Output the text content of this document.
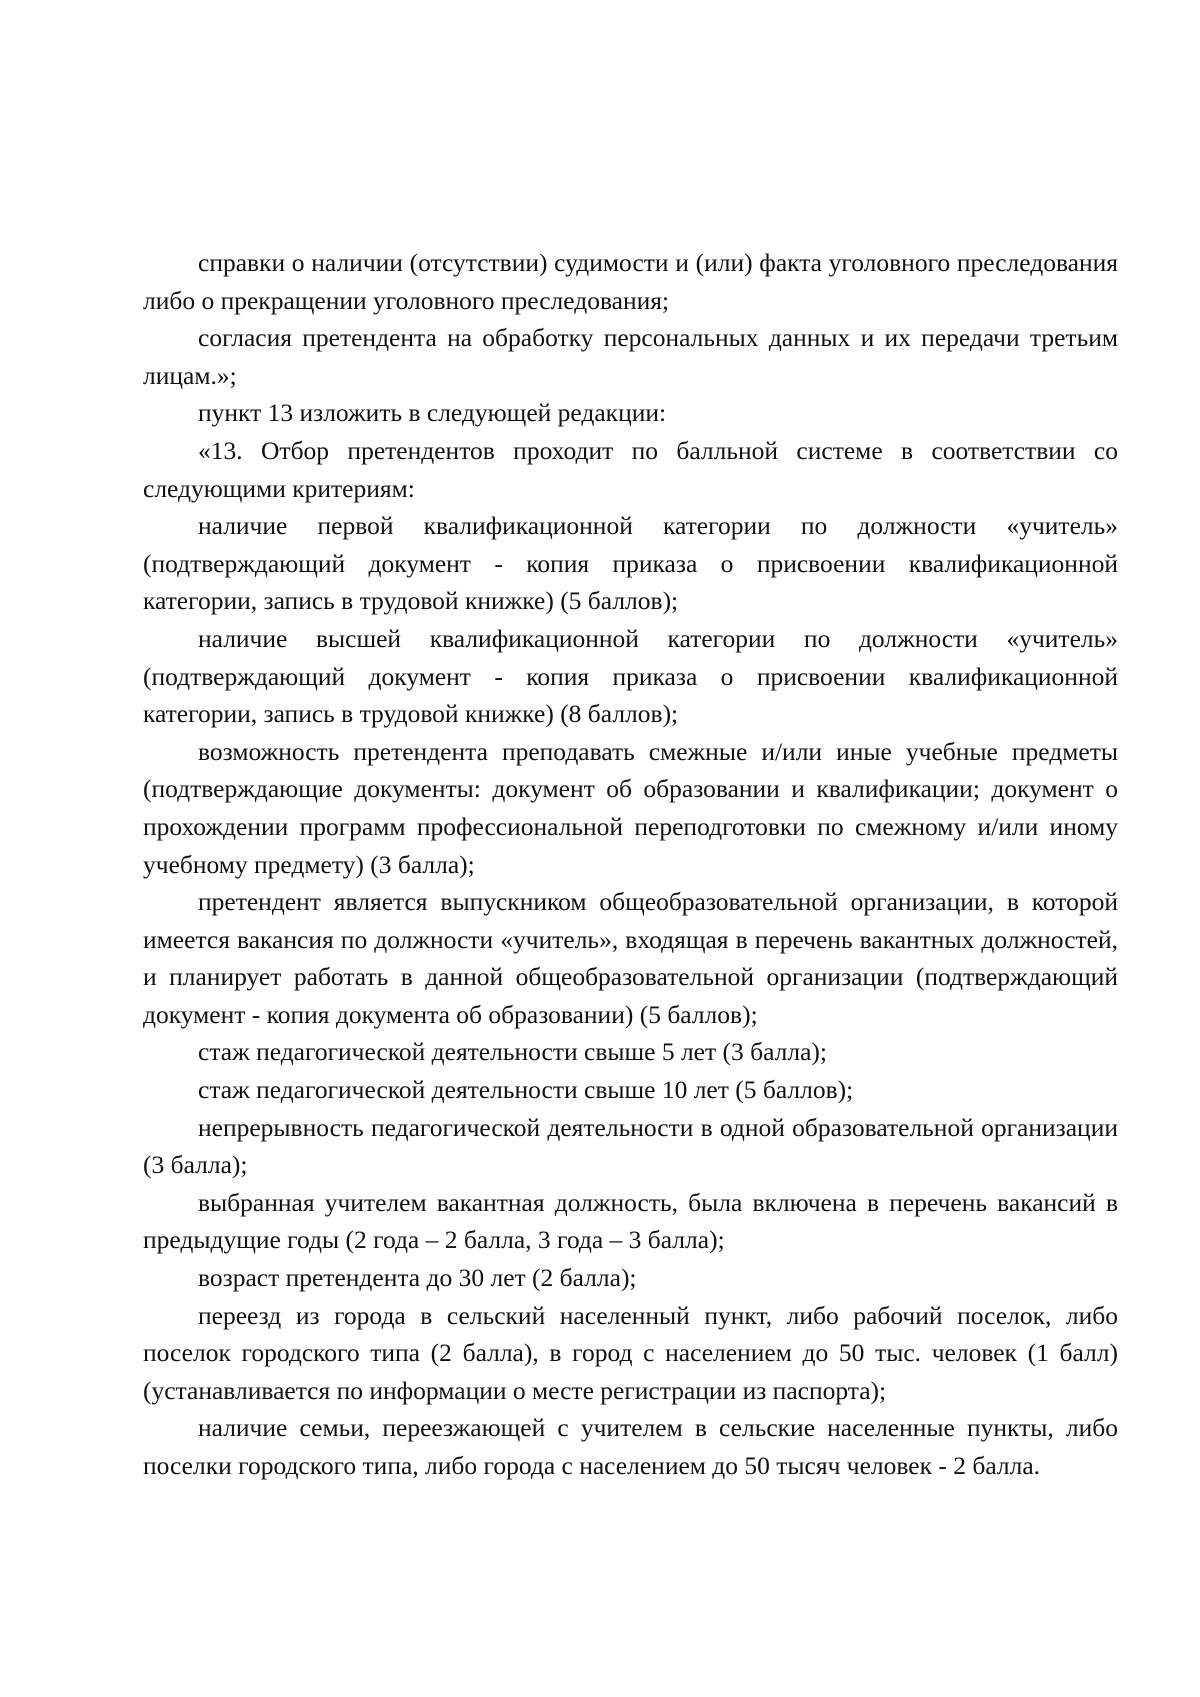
справки о наличии (отсутствии) судимости и (или) факта уголовного преследования либо о прекращении уголовного преследования;

согласия претендента на обработку персональных данных и их передачи третьим лицам.»;

пункт 13 изложить в следующей редакции:

«13. Отбор претендентов проходит по балльной системе в соответствии со следующими критериям:

наличие первой квалификационной категории по должности «учитель» (подтверждающий документ - копия приказа о присвоении квалификационной категории, запись в трудовой книжке) (5 баллов);

наличие высшей квалификационной категории по должности «учитель» (подтверждающий документ - копия приказа о присвоении квалификационной категории, запись в трудовой книжке) (8 баллов);

возможность претендента преподавать смежные и/или иные учебные предметы (подтверждающие документы: документ об образовании и квалификации; документ о прохождении программ профессиональной переподготовки по смежному и/или иному учебному предмету) (3 балла);

претендент является выпускником общеобразовательной организации, в которой имеется вакансия по должности «учитель», входящая в перечень вакантных должностей, и планирует работать в данной общеобразовательной организации (подтверждающий документ - копия документа об образовании) (5 баллов);

стаж педагогической деятельности свыше 5 лет (3 балла);

стаж педагогической деятельности свыше 10 лет (5 баллов);

непрерывность педагогической деятельности в одной образовательной организации (3 балла);

выбранная учителем вакантная должность, была включена в перечень вакансий в предыдущие годы (2 года – 2 балла, 3 года – 3 балла);

возраст претендента до 30 лет (2 балла);

переезд из города в сельский населенный пункт, либо рабочий поселок, либо поселок городского типа (2 балла), в город с населением до 50 тыс. человек (1 балл) (устанавливается по информации о месте регистрации из паспорта);

наличие семьи, переезжающей с учителем в сельские населенные пункты, либо поселки городского типа, либо города с населением до 50 тысяч человек - 2 балла.
